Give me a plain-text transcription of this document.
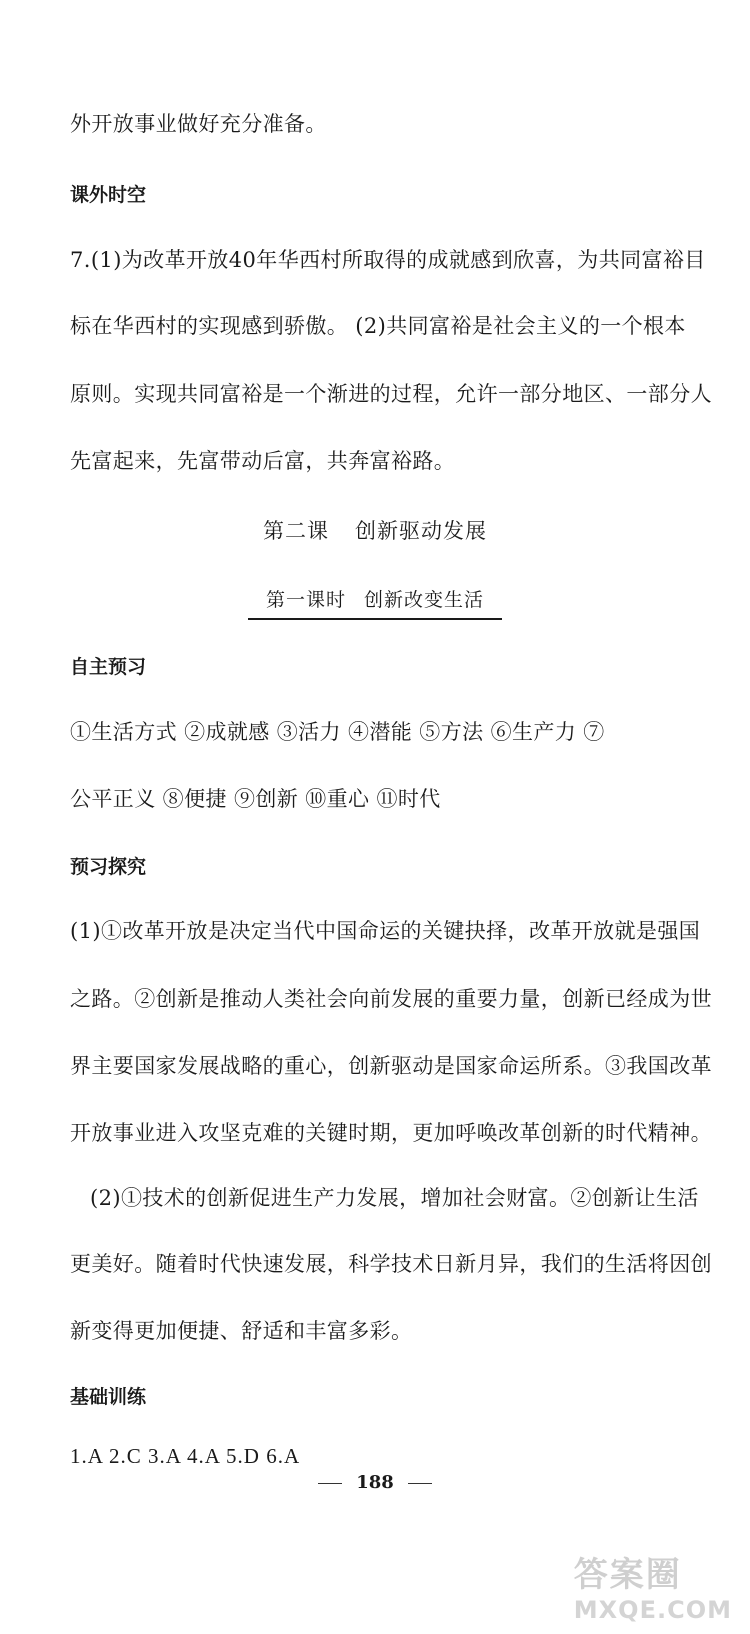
外开放事业做好充分准备。
课外时空
7.(1)为改革开放40年华西村所取得的成就感到欣喜，为共同富裕目
标在华西村的实现感到骄傲。 (2)共同富裕是社会主义的一个根本
原则。实现共同富裕是一个渐进的过程，允许一部分地区、一部分人
先富起来，先富带动后富，共奔富裕路。
第二课 创新驱动发展
第一课时 创新改变生活
自主预习
①生活方式 ②成就感 ③活力 ④潜能 ⑤方法 ⑥生产力 ⑦
公平正义 ⑧便捷 ⑨创新 ⑩重心 ⑪时代
预习探究
(1)①改革开放是决定当代中国命运的关键抉择，改革开放就是强国
之路。②创新是推动人类社会向前发展的重要力量，创新已经成为世
界主要国家发展战略的重心，创新驱动是国家命运所系。③我国改革
开放事业进入攻坚克难的关键时期，更加呼唤改革创新的时代精神。
(2)①技术的创新促进生产力发展，增加社会财富。②创新让生活
更美好。随着时代快速发展，科学技术日新月异，我们的生活将因创
新变得更加便捷、舒适和丰富多彩。
基础训练
1.A 2.C 3.A 4.A 5.D 6.A
188
答案圈
MXQE.COM
